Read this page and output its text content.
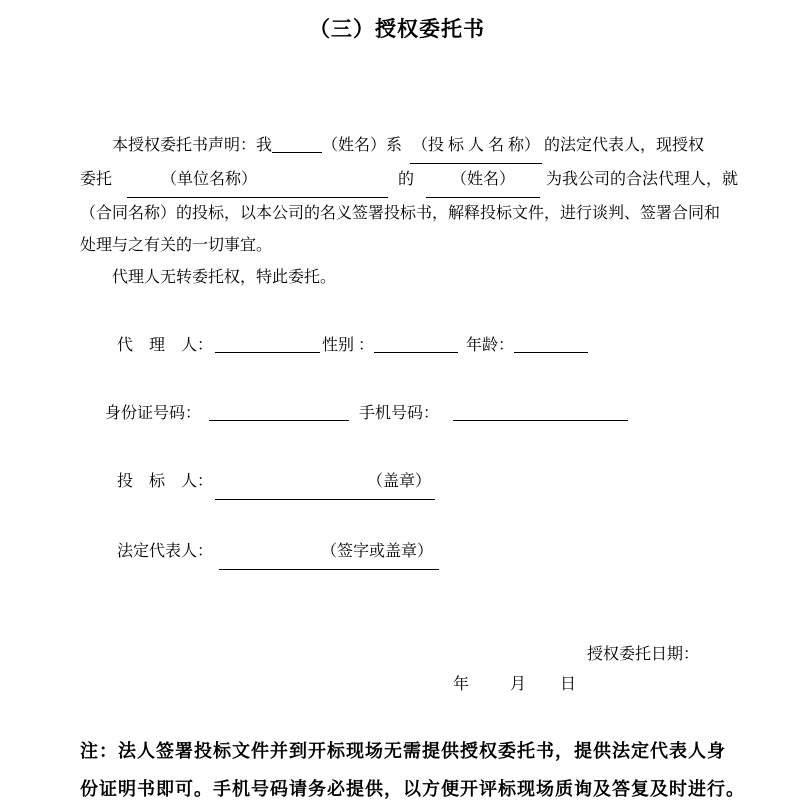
（三）授权委托书
本授权委托书声明：我	（姓名）系 （投 标 人 名 称） 的法定代表人，现授权
委托	（单位名称）	的 （姓名） 为我公司的合法代理人，就
（合同名称）的投标，以本公司的名义签署投标书，解释投标文件，进行谈判、签署合同和
处理与之有关的一切事宜。
代理人无转委托权，特此委托。
代　理　人：	性别 ：	年龄：
身份证号码：	手机号码：
投　标　人：	（盖章）
法定代表人：	（签字或盖章）
授权委托日期：
年	月 日
注：法人签署投标文件并到开标现场无需提供授权委托书，提供法定代表人身
份证明书即可。手机号码请务必提供，以方便开评标现场质询及答复及时进行。
